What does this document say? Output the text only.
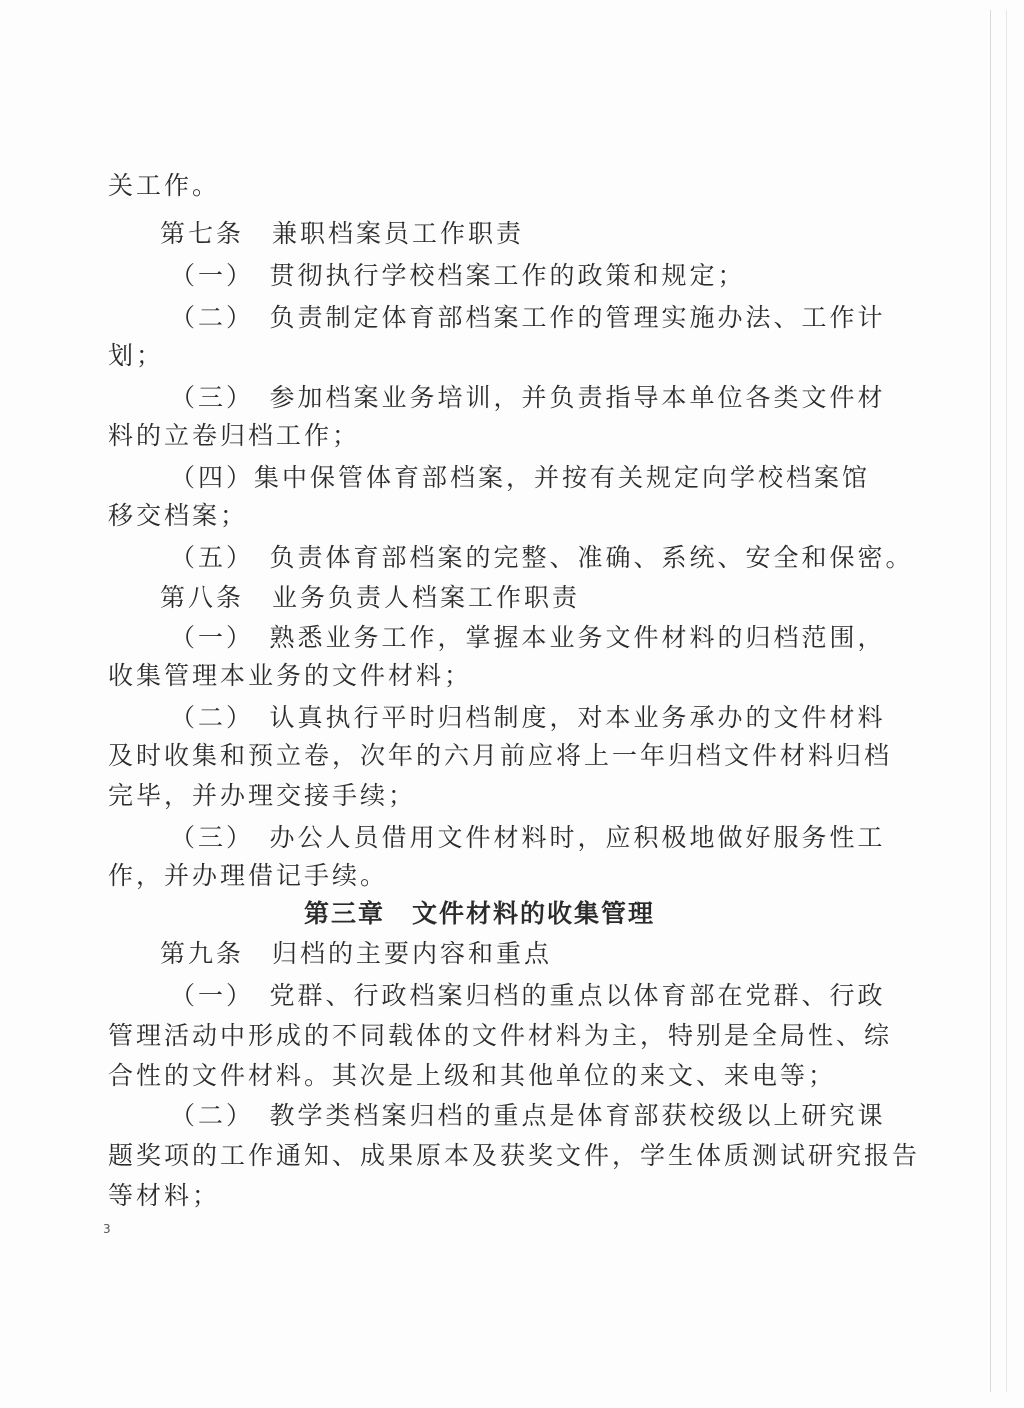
关工作。
第七条　兼职档案员工作职责
（一）　贯彻执行学校档案工作的政策和规定；
（二）　负责制定体育部档案工作的管理实施办法、工作计
划；
（三）　参加档案业务培训，并负责指导本单位各类文件材
料的立卷归档工作；
（四）集中保管体育部档案，并按有关规定向学校档案馆
移交档案；
（五）　负责体育部档案的完整、准确、系统、安全和保密。
第八条　业务负责人档案工作职责
（一）　熟悉业务工作，掌握本业务文件材料的归档范围，
收集管理本业务的文件材料；
（二）　认真执行平时归档制度，对本业务承办的文件材料
及时收集和预立卷，次年的六月前应将上一年归档文件材料归档
完毕，并办理交接手续；
（三）　办公人员借用文件材料时，应积极地做好服务性工
作，并办理借记手续。
第三章　文件材料的收集管理
第九条　归档的主要内容和重点
（一）　党群、行政档案归档的重点以体育部在党群、行政
管理活动中形成的不同载体的文件材料为主，特别是全局性、综
合性的文件材料。其次是上级和其他单位的来文、来电等；
（二）　教学类档案归档的重点是体育部获校级以上研究课
题奖项的工作通知、成果原本及获奖文件，学生体质测试研究报告
等材料；
3
